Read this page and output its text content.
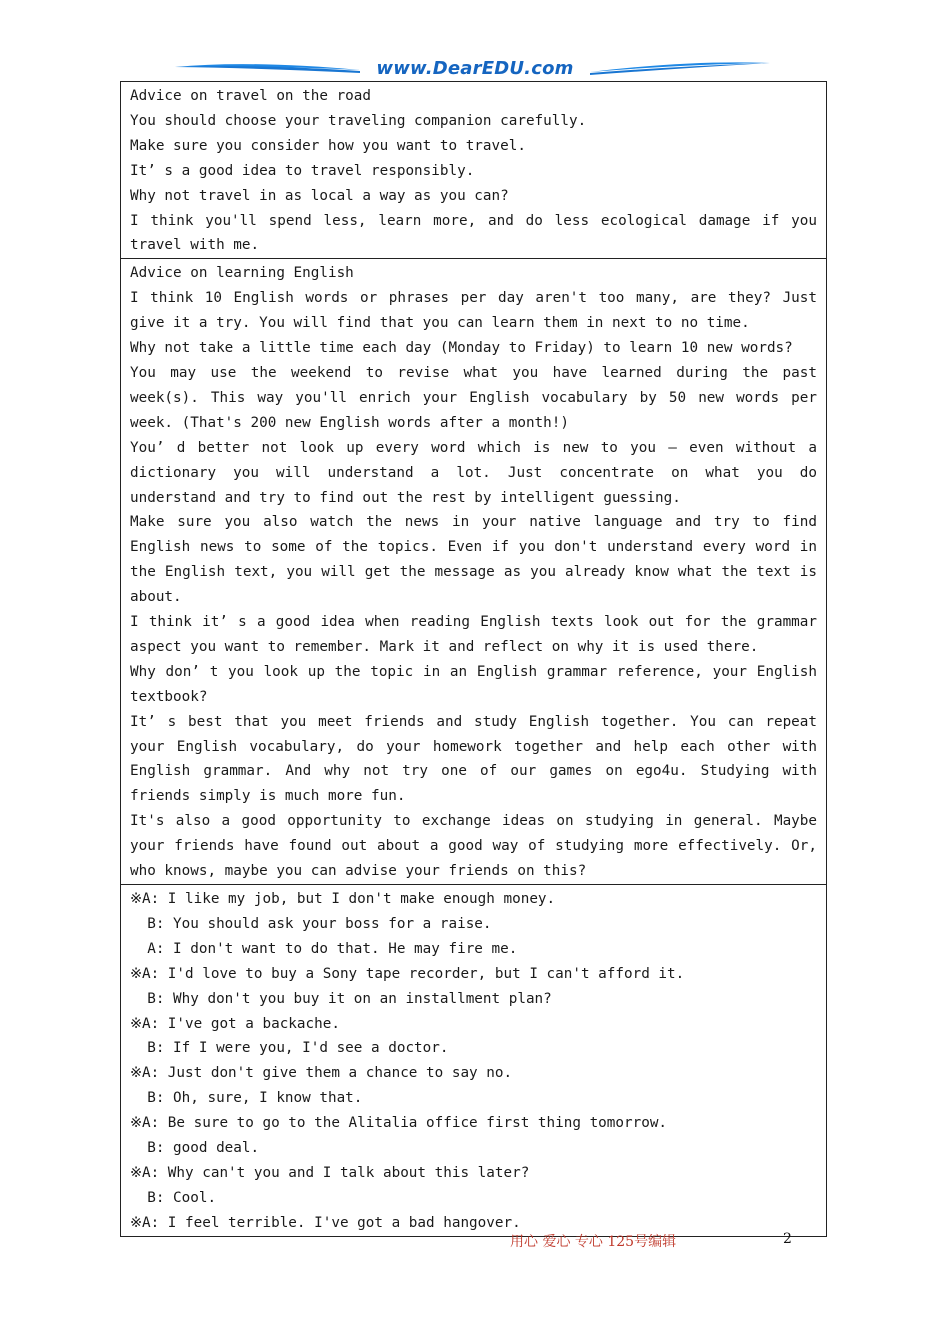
www.DearEDU.com
Advice on travel on the road
You should choose your traveling companion carefully.
Make sure you consider how you want to travel.
It’ s a good idea to travel responsibly.
Why not travel in as local a way as you can?
I think you'll spend less, learn more, and do less ecological damage if you travel with me.

Advice on learning English
I think 10 English words or phrases per day aren't too many, are they? Just give it a try. You will find that you can learn them in next to no time.
Why not take a little time each day (Monday to Friday) to learn 10 new words?
You may use the weekend to revise what you have learned during the past week(s). This way you'll enrich your English vocabulary by 50 new words per week. (That's 200 new English words after a month!)
You’ d better not look up every word which is new to you — even without a dictionary you will understand a lot. Just concentrate on what you do understand and try to find out the rest by intelligent guessing.
Make sure you also watch the news in your native language and try to find English news to some of the topics. Even if you don't understand every word in the English text, you will get the message as you already know what the text is about.
I think it’ s a good idea when reading English texts look out for the grammar aspect you want to remember. Mark it and reflect on why it is used there.
Why don’ t you look up the topic in an English grammar reference, your English textbook?
It’ s best that you meet friends and study English together. You can repeat your English vocabulary, do your homework together and help each other with English grammar. And why not try one of our games on ego4u. Studying with friends simply is much more fun.
It's also a good opportunity to exchange ideas on studying in general. Maybe your friends have found out about a good way of studying more effectively. Or, who knows, maybe you can advise your friends on this?

※A: I like my job, but I don't make enough money.
B: You should ask your boss for a raise.
A: I don't want to do that. He may fire me.
※A: I'd love to buy a Sony tape recorder, but I can't afford it.
B: Why don't you buy it on an installment plan?
※A: I've got a backache.
B: If I were you, I'd see a doctor.
※A: Just don't give them a chance to say no.
B: Oh, sure, I know that.
※A: Be sure to go to the Alitalia office first thing tomorrow.
B: good deal.
※A: Why can't you and I talk about this later?
B: Cool.
※A: I feel terrible. I've got a bad hangover.
用心 爱心 专心 125号编辑	2
